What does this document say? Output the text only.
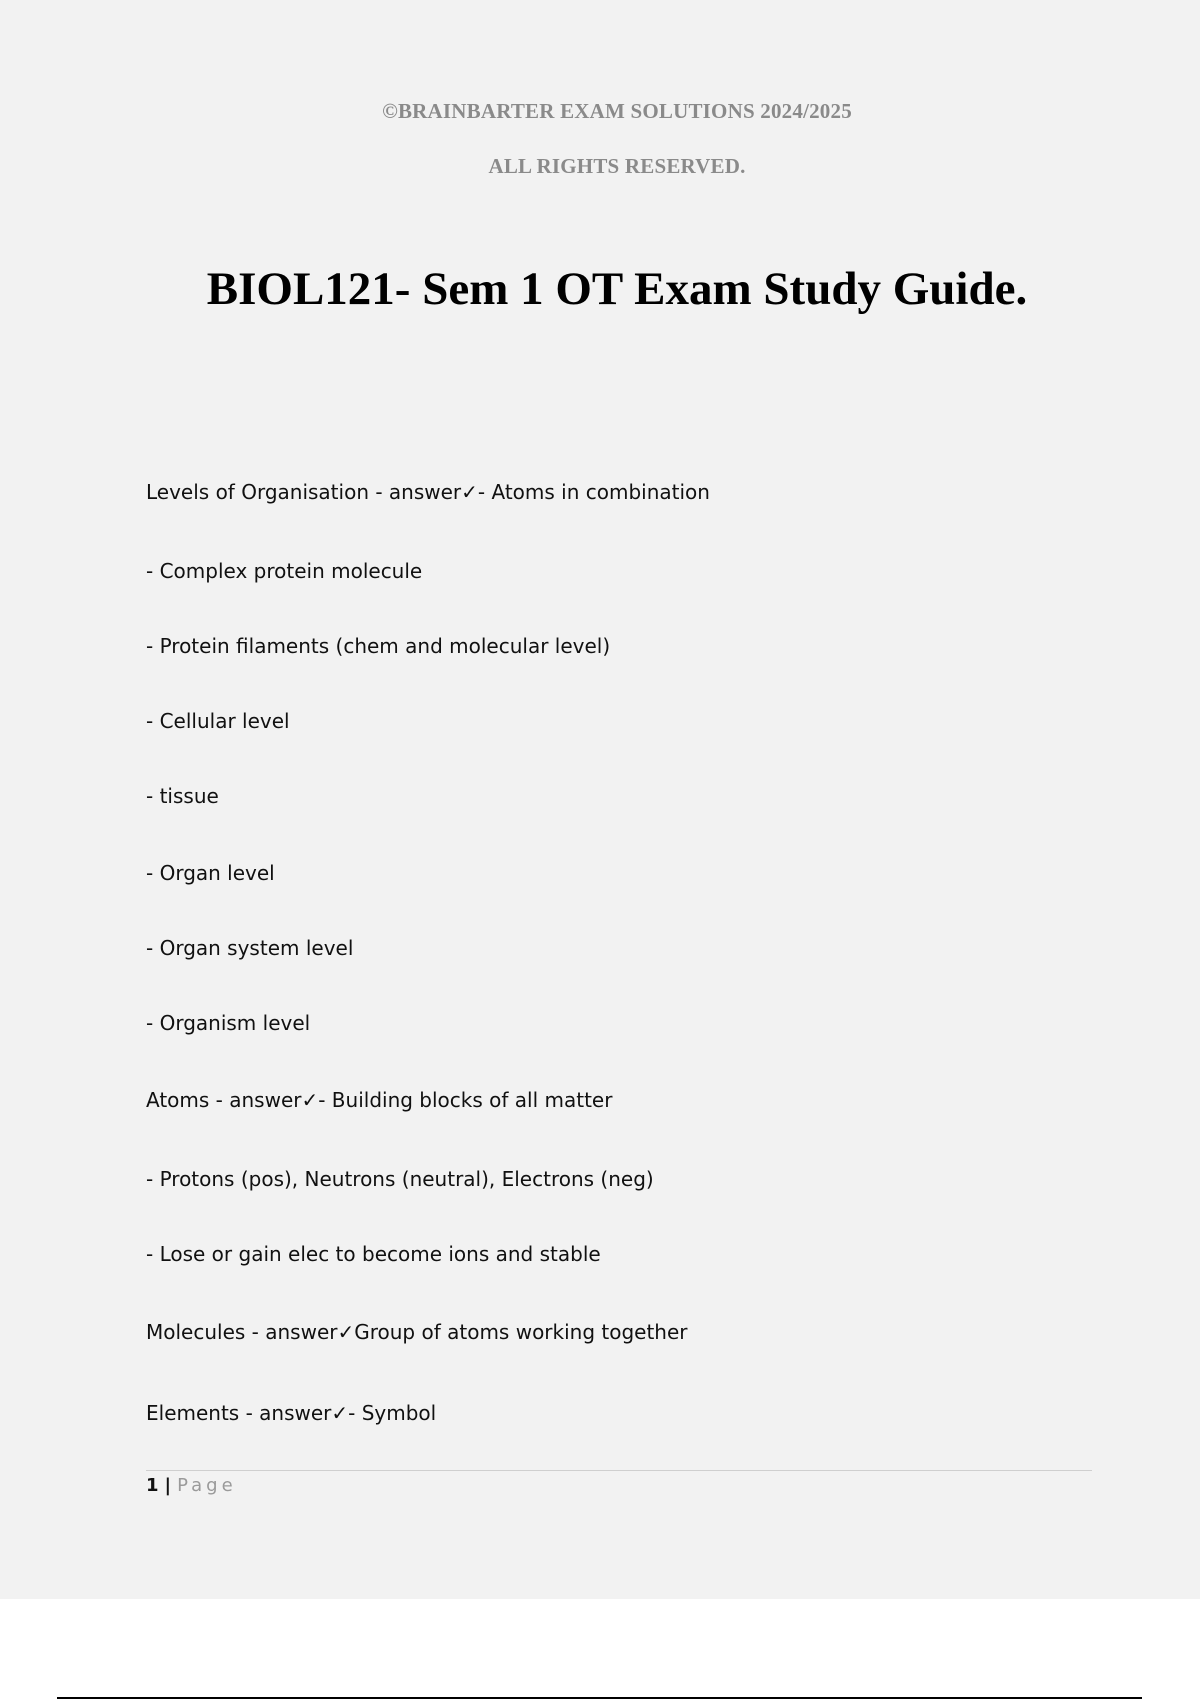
©BRAINBARTER EXAM SOLUTIONS 2024/2025
ALL RIGHTS RESERVED.
BIOL121- Sem 1 OT Exam Study Guide.
Levels of Organisation - answer✓- Atoms in combination
- Complex protein molecule
- Protein filaments (chem and molecular level)
- Cellular level
- tissue
- Organ level
- Organ system level
- Organism level
Atoms - answer✓- Building blocks of all matter
- Protons (pos), Neutrons (neutral), Electrons (neg)
- Lose or gain elec to become ions and stable
Molecules - answer✓Group of atoms working together
Elements - answer✓- Symbol
1 | Page
